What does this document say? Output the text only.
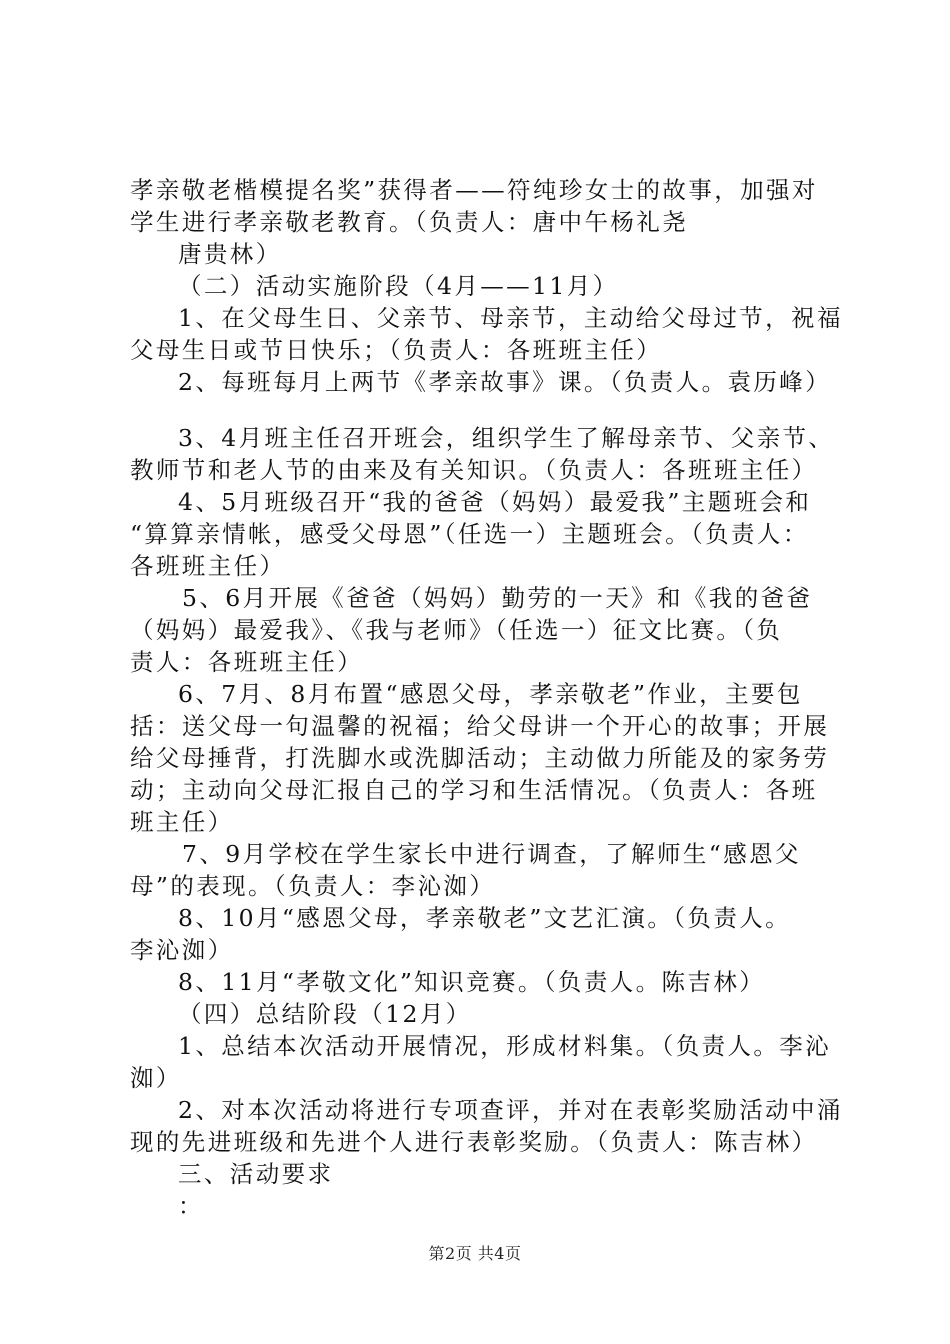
孝亲敬老楷模提名奖”获得者——符纯珍女士的故事，加强对
学生进行孝亲敬老教育。（负责人：唐中午杨礼尧
唐贵林）
（二）活动实施阶段（4月——11月）
1、在父母生日、父亲节、母亲节，主动给父母过节，祝福
父母生日或节日快乐；（负责人：各班班主任）
2、每班每月上两节《孝亲故事》课。（负责人。袁历峰）
3、4月班主任召开班会，组织学生了解母亲节、父亲节、
教师节和老人节的由来及有关知识。（负责人：各班班主任）
4、5月班级召开“我的爸爸（妈妈）最爱我”主题班会和
“算算亲情帐，感受父母恩”（任选一）主题班会。（负责人：
各班班主任）
5、6月开展《爸爸（妈妈）勤劳的一天》和《我的爸爸
（妈妈）最爱我》、《我与老师》（任选一）征文比赛。（负
责人：各班班主任）
6、7月、8月布置“感恩父母，孝亲敬老”作业，主要包
括：送父母一句温馨的祝福；给父母讲一个开心的故事；开展
给父母捶背，打洗脚水或洗脚活动；主动做力所能及的家务劳
动；主动向父母汇报自己的学习和生活情况。（负责人：各班
班主任）
7、9月学校在学生家长中进行调查，了解师生“感恩父
母”的表现。（负责人：李沁洳）
8、10月“感恩父母，孝亲敬老”文艺汇演。（负责人。
李沁洳）
8、11月“孝敬文化”知识竞赛。（负责人。陈吉林）
（四）总结阶段（12月）
1、总结本次活动开展情况，形成材料集。（负责人。李沁
洳）
2、对本次活动将进行专项查评，并对在表彰奖励活动中涌
现的先进班级和先进个人进行表彰奖励。（负责人：陈吉林）
三、活动要求
：
第2页 共4页
